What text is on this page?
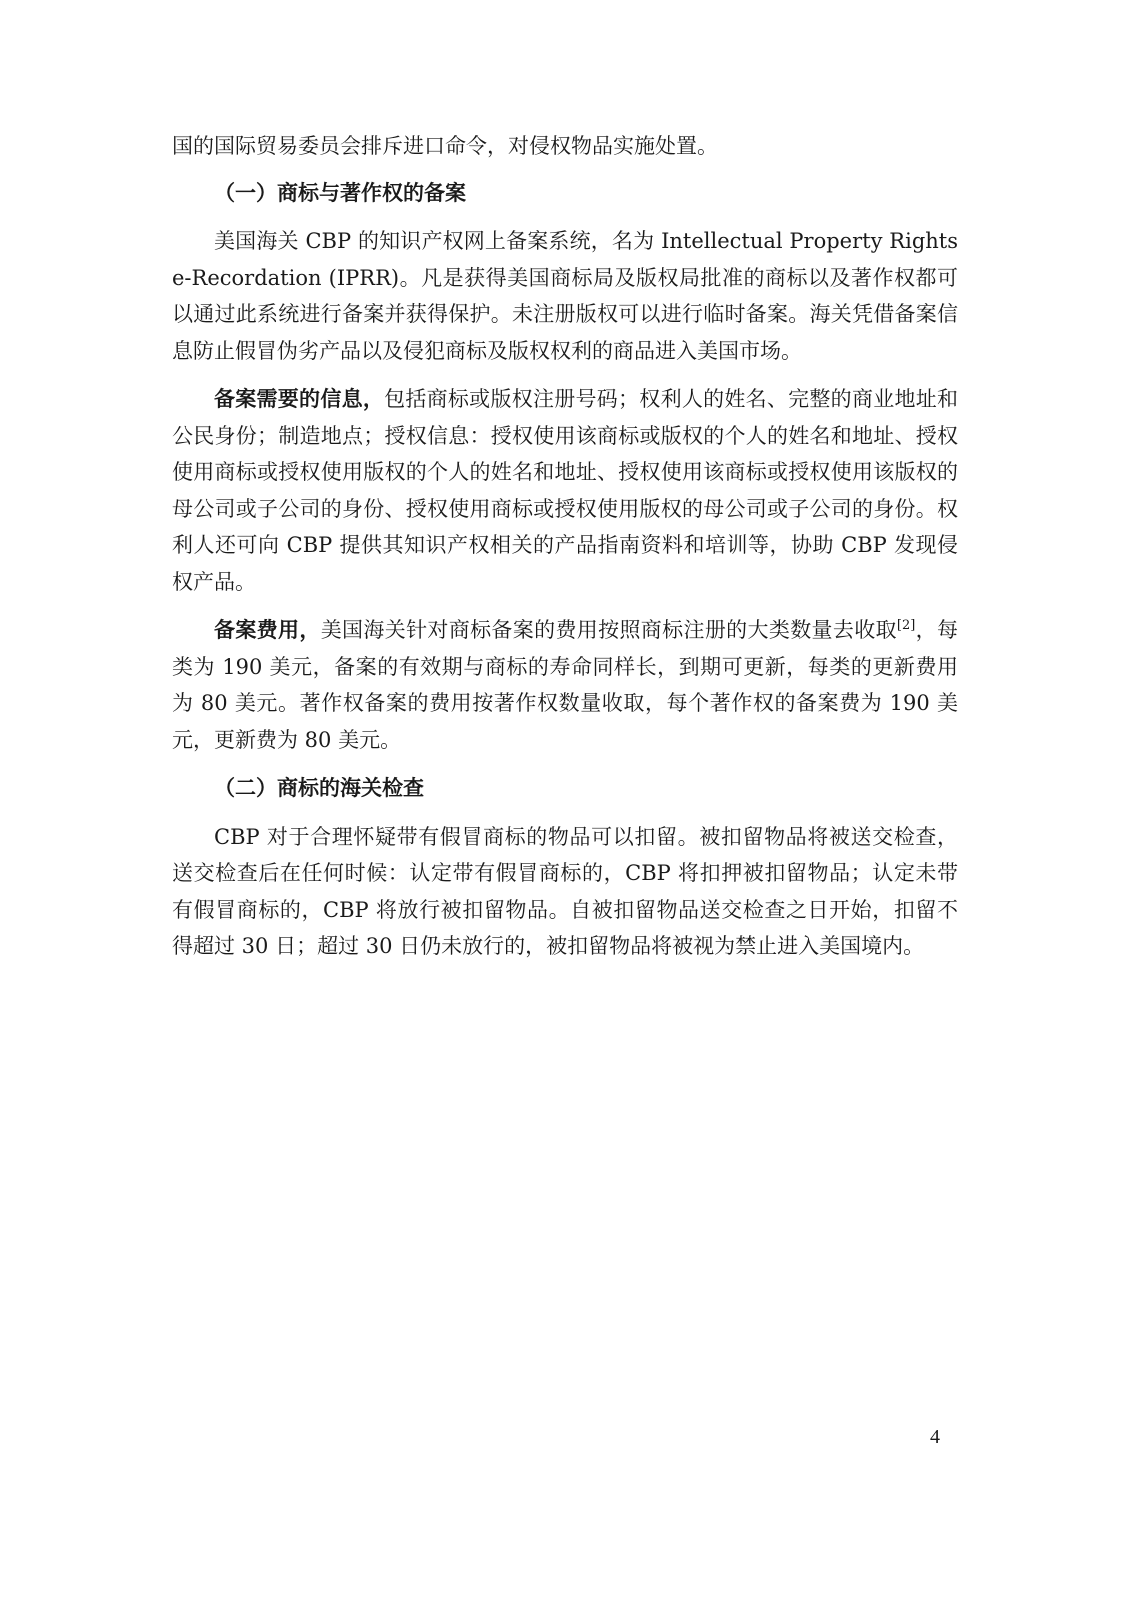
国的国际贸易委员会排斥进口命令，对侵权物品实施处置。

（一）商标与著作权的备案

美国海关 CBP 的知识产权网上备案系统，名为 Intellectual Property Rights e-Recordation (IPRR)。凡是获得美国商标局及版权局批准的商标以及著作权都可以通过此系统进行备案并获得保护。未注册版权可以进行临时备案。海关凭借备案信息防止假冒伪劣产品以及侵犯商标及版权权利的商品进入美国市场。

备案需要的信息，包括商标或版权注册号码；权利人的姓名、完整的商业地址和公民身份；制造地点；授权信息：授权使用该商标或版权的个人的姓名和地址、授权使用商标或授权使用版权的个人的姓名和地址、授权使用该商标或授权使用该版权的母公司或子公司的身份、授权使用商标或授权使用版权的母公司或子公司的身份。权利人还可向 CBP 提供其知识产权相关的产品指南资料和培训等，协助 CBP 发现侵权产品。

备案费用，美国海关针对商标备案的费用按照商标注册的大类数量去收取[2]，每类为 190 美元，备案的有效期与商标的寿命同样长，到期可更新，每类的更新费用为 80 美元。著作权备案的费用按著作权数量收取，每个著作权的备案费为 190 美元，更新费为 80 美元。

（二）商标的海关检查

CBP 对于合理怀疑带有假冒商标的物品可以扣留。被扣留物品将被送交检查，送交检查后在任何时候：认定带有假冒商标的，CBP 将扣押被扣留物品；认定未带有假冒商标的，CBP 将放行被扣留物品。自被扣留物品送交检查之日开始，扣留不得超过 30 日；超过 30 日仍未放行的，被扣留物品将被视为禁止进入美国境内。

4
